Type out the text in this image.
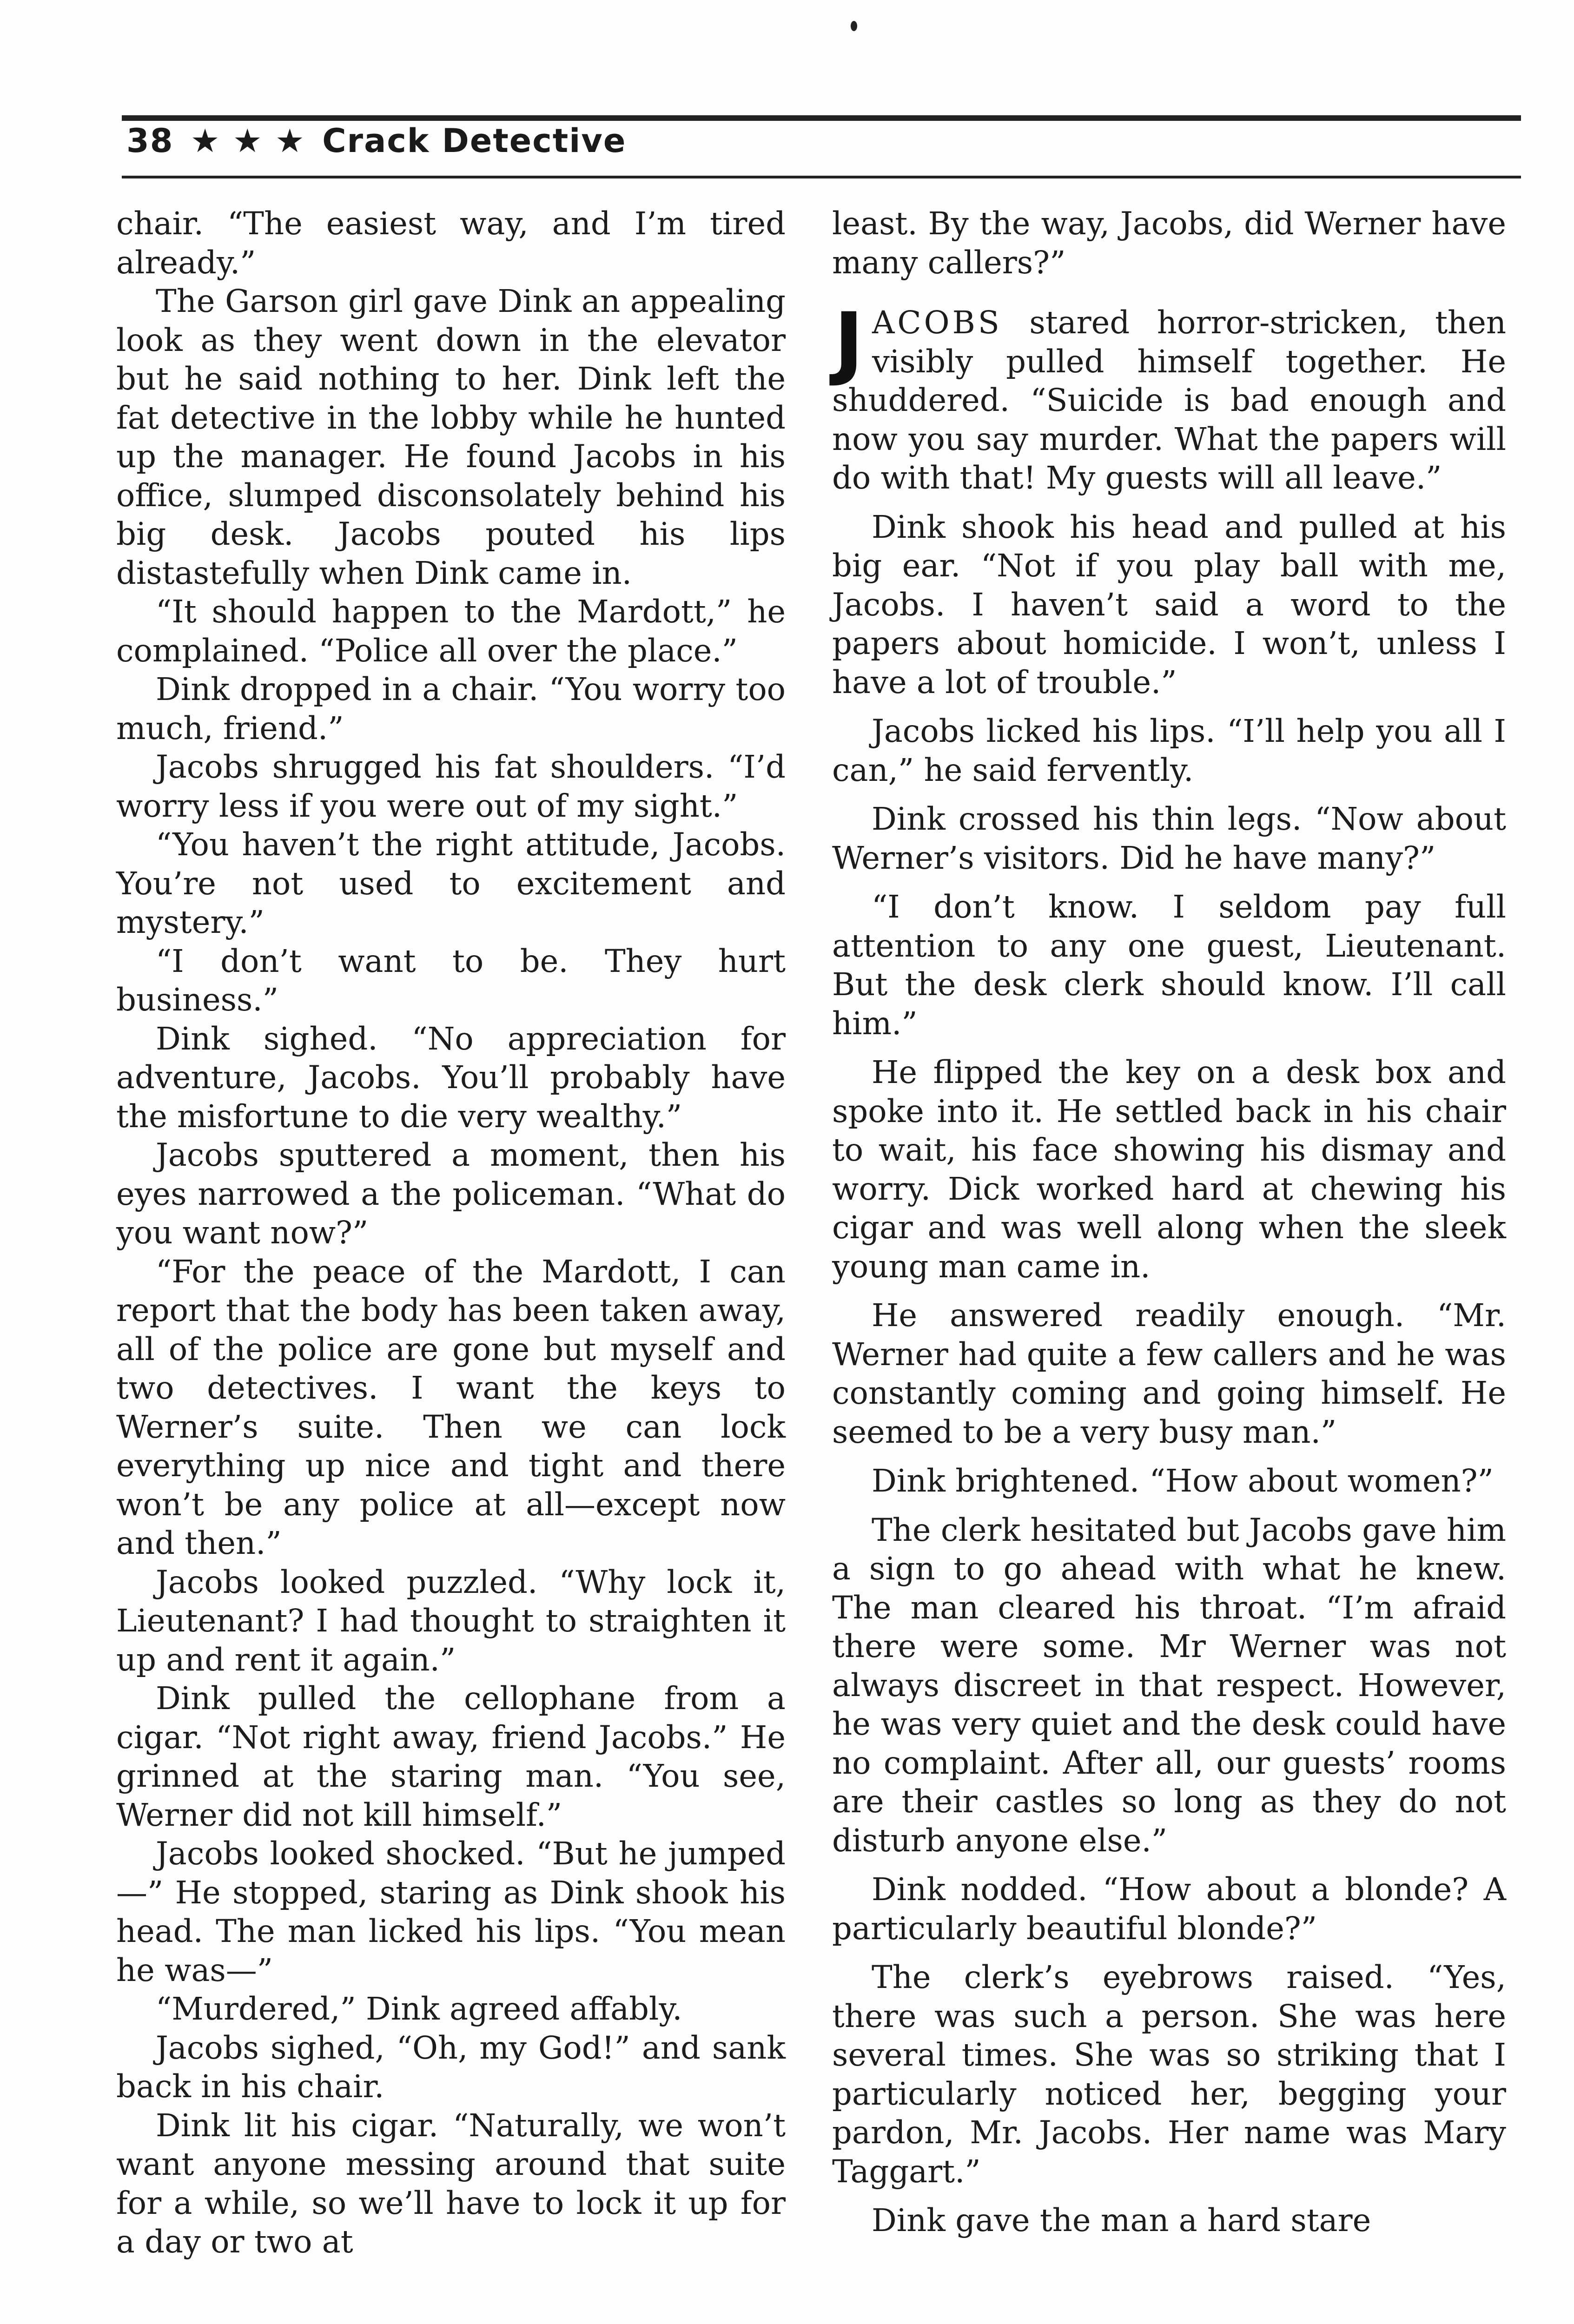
38 ★ ★ ★ Crack Detective

chair. “The easiest way, and I’m tired already.”

The Garson girl gave Dink an appealing look as they went down in the elevator but he said nothing to her. Dink left the fat detective in the lobby while he hunted up the manager. He found Jacobs in his office, slumped disconsolately behind his big desk. Jacobs pouted his lips distastefully when Dink came in.

“It should happen to the Mardott,” he complained. “Police all over the place.”

Dink dropped in a chair. “You worry too much, friend.”

Jacobs shrugged his fat shoulders. “I’d worry less if you were out of my sight.”

“You haven’t the right attitude, Jacobs. You’re not used to excitement and mystery.”

“I don’t want to be. They hurt business.”

Dink sighed. “No appreciation for adventure, Jacobs. You’ll probably have the misfortune to die very wealthy.”

Jacobs sputtered a moment, then his eyes narrowed a the policeman. “What do you want now?”

“For the peace of the Mardott, I can report that the body has been taken away, all of the police are gone but myself and two detectives. I want the keys to Werner’s suite. Then we can lock everything up nice and tight and there won’t be any police at all—except now and then.”

Jacobs looked puzzled. “Why lock it, Lieutenant? I had thought to straighten it up and rent it again.”

Dink pulled the cellophane from a cigar. “Not right away, friend Jacobs.” He grinned at the staring man. “You see, Werner did not kill himself.”

Jacobs looked shocked. “But he jumped—” He stopped, staring as Dink shook his head. The man licked his lips. “You mean he was—”

“Murdered,” Dink agreed affably.

Jacobs sighed, “Oh, my God!” and sank back in his chair.

Dink lit his cigar. “Naturally, we won’t want anyone messing around that suite for a while, so we’ll have to lock it up for a day or two at

least. By the way, Jacobs, did Werner have many callers?”

JACOBS stared horror-stricken, then visibly pulled himself together. He shuddered. “Suicide is bad enough and now you say murder. What the papers will do with that! My guests will all leave.”

Dink shook his head and pulled at his big ear. “Not if you play ball with me, Jacobs. I haven’t said a word to the papers about homicide. I won’t, unless I have a lot of trouble.”

Jacobs licked his lips. “I’ll help you all I can,” he said fervently.

Dink crossed his thin legs. “Now about Werner’s visitors. Did he have many?”

“I don’t know. I seldom pay full attention to any one guest, Lieutenant. But the desk clerk should know. I’ll call him.”

He flipped the key on a desk box and spoke into it. He settled back in his chair to wait, his face showing his dismay and worry. Dick worked hard at chewing his cigar and was well along when the sleek young man came in.

He answered readily enough. “Mr. Werner had quite a few callers and he was constantly coming and going himself. He seemed to be a very busy man.”

Dink brightened. “How about women?”

The clerk hesitated but Jacobs gave him a sign to go ahead with what he knew. The man cleared his throat. “I’m afraid there were some. Mr Werner was not always discreet in that respect. However, he was very quiet and the desk could have no complaint. After all, our guests’ rooms are their castles so long as they do not disturb anyone else.”

Dink nodded. “How about a blonde? A particularly beautiful blonde?”

The clerk’s eyebrows raised. “Yes, there was such a person. She was here several times. She was so striking that I particularly noticed her, begging your pardon, Mr. Jacobs. Her name was Mary Taggart.”

Dink gave the man a hard stare
